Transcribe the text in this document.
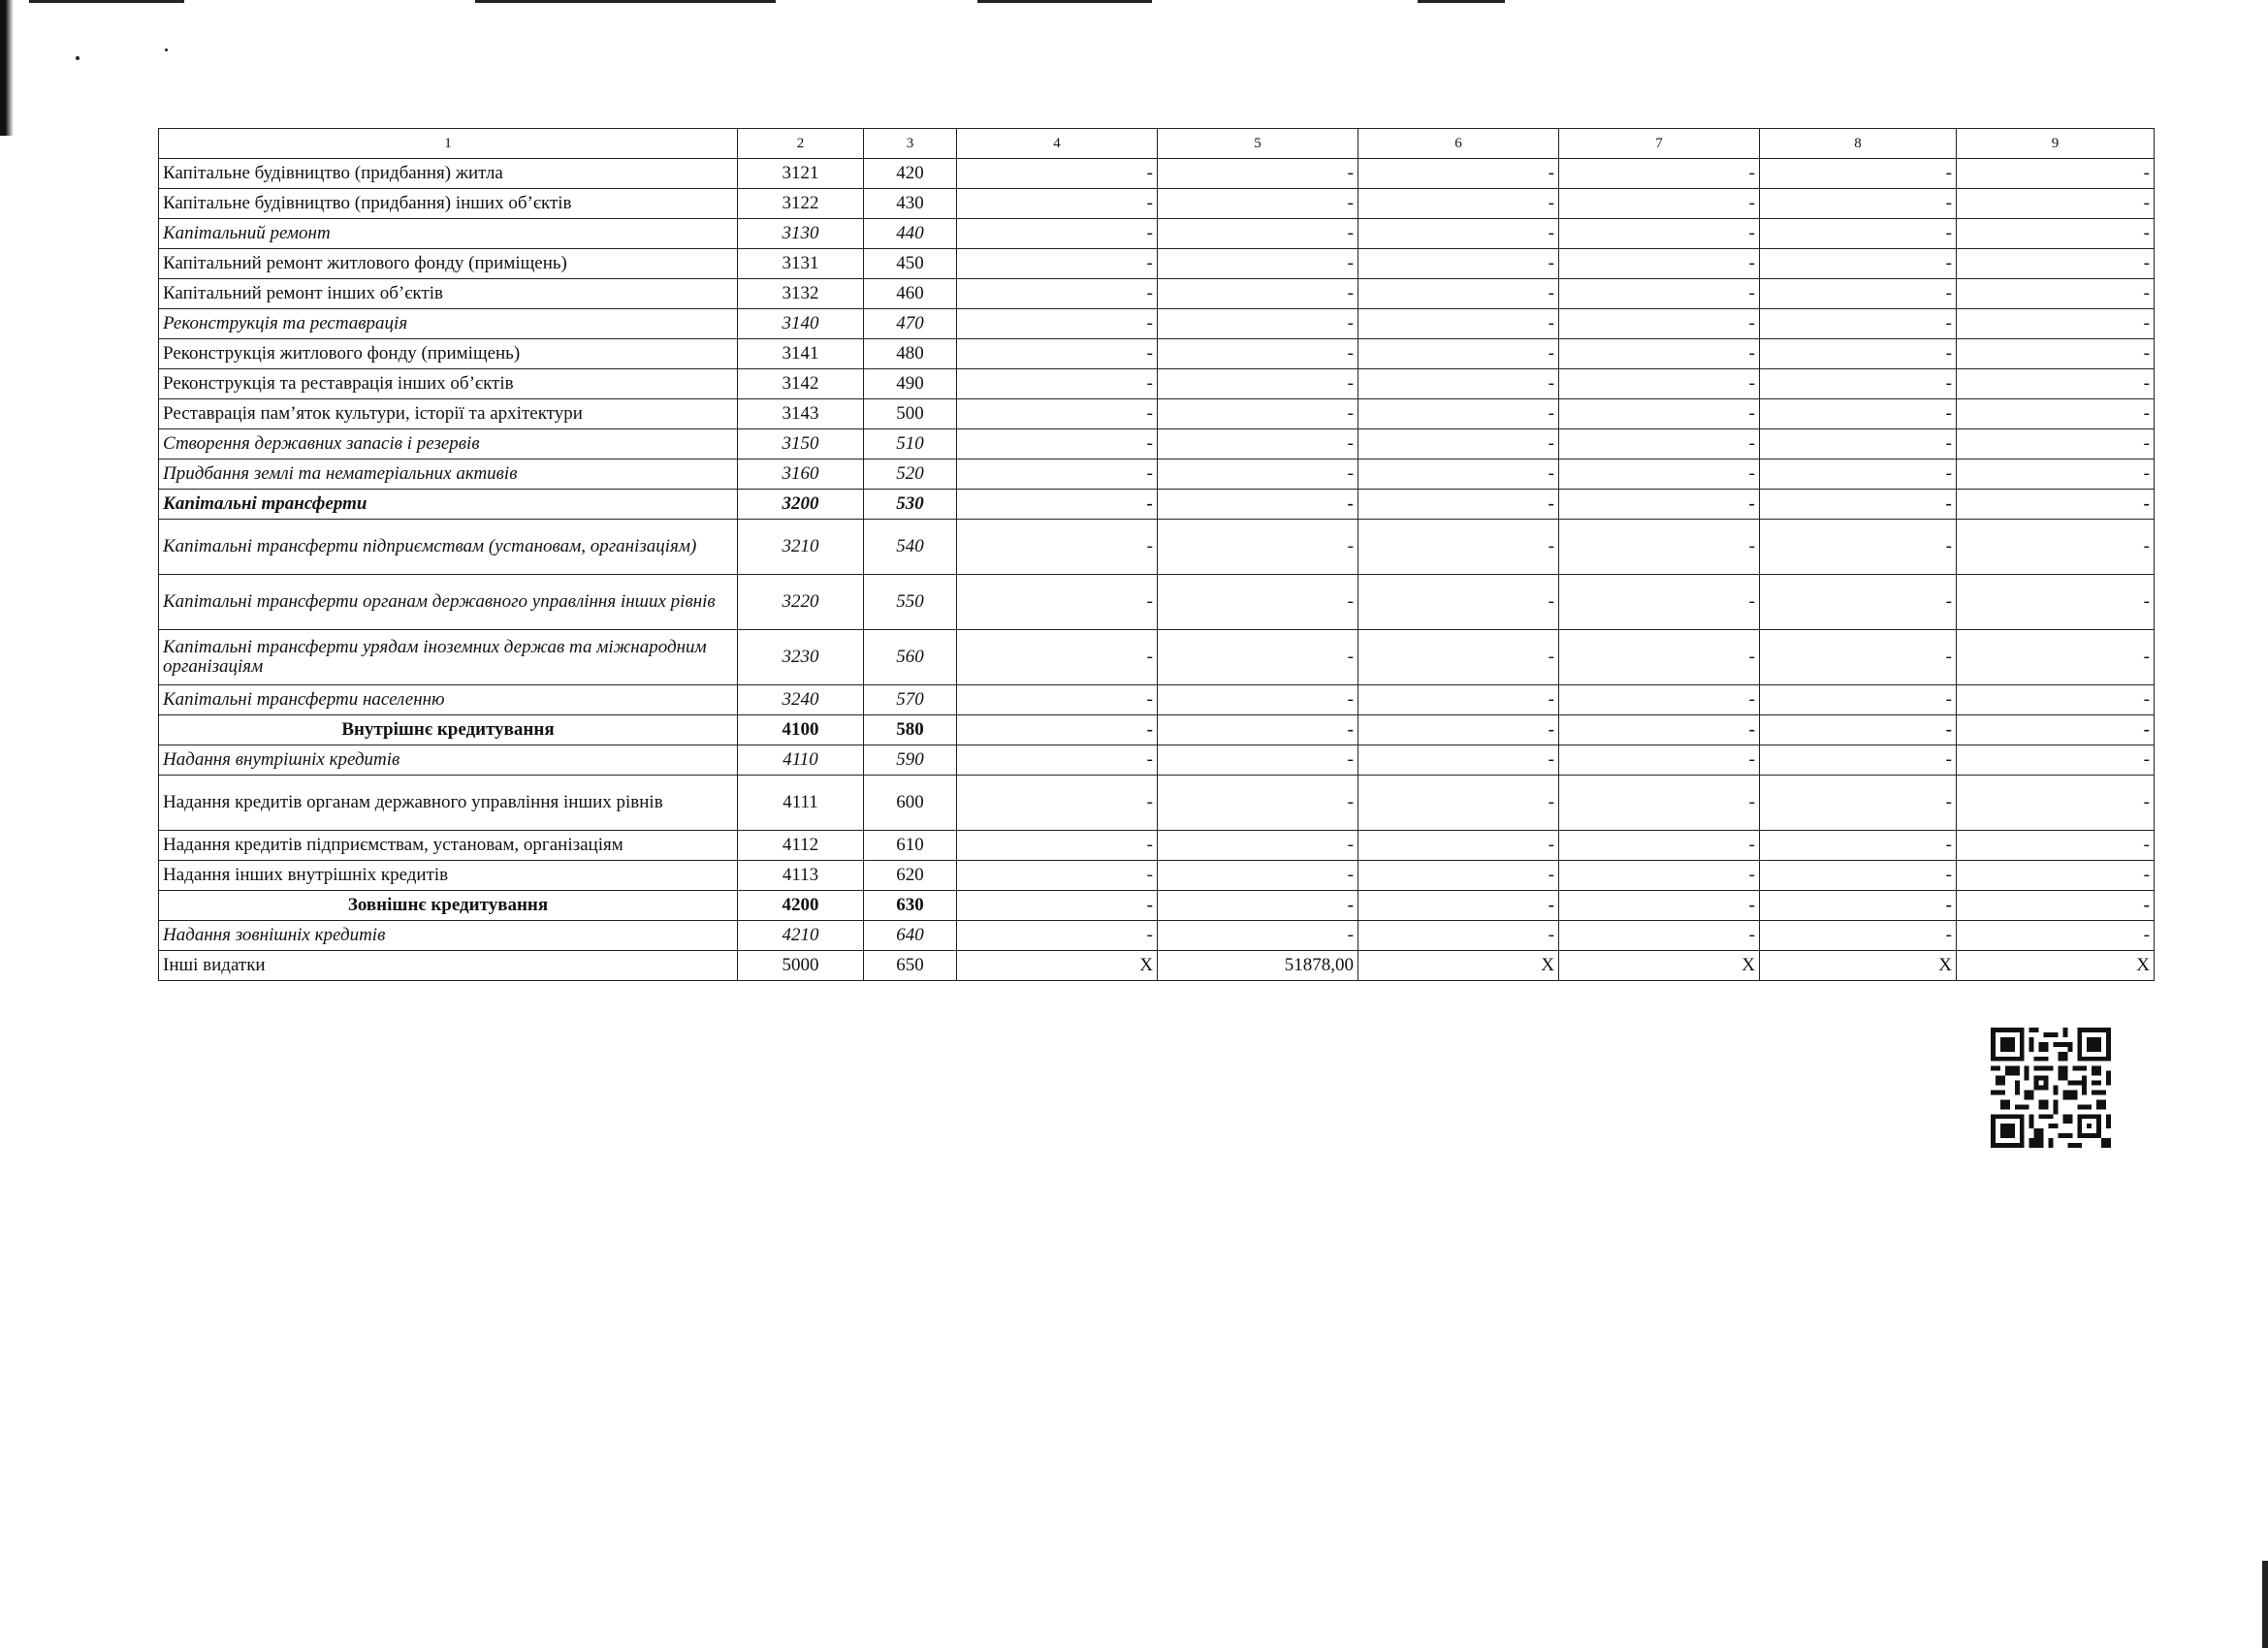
1	2	3	4	5	6	7	8	9
Капітальне будівництво (придбання) житла	3121	420	-	-	-	-	-	-
Капітальне будівництво (придбання) інших об’єктів	3122	430	-	-	-	-	-	-
Капітальний ремонт	3130	440	-	-	-	-	-	-
Капітальний ремонт житлового фонду (приміщень)	3131	450	-	-	-	-	-	-
Капітальний ремонт інших об’єктів	3132	460	-	-	-	-	-	-
Реконструкція та реставрація	3140	470	-	-	-	-	-	-
Реконструкція житлового фонду (приміщень)	3141	480	-	-	-	-	-	-
Реконструкція та реставрація інших об’єктів	3142	490	-	-	-	-	-	-
Реставрація пам’яток культури, історії та архітектури	3143	500	-	-	-	-	-	-
Створення державних запасів і резервів	3150	510	-	-	-	-	-	-
Придбання землі та нематеріальних активів	3160	520	-	-	-	-	-	-
Капітальні трансферти	3200	530	-	-	-	-	-	-
Капітальні трансферти підприємствам (установам, організаціям)	3210	540	-	-	-	-	-	-
Капітальні трансферти органам державного управління інших рівнів	3220	550	-	-	-	-	-	-
Капітальні трансферти урядам іноземних держав та міжнародним організаціям	3230	560	-	-	-	-	-	-
Капітальні трансферти населенню	3240	570	-	-	-	-	-	-
Внутрішнє кредитування	4100	580	-	-	-	-	-	-
Надання внутрішніх кредитів	4110	590	-	-	-	-	-	-
Надання кредитів органам державного управління інших рівнів	4111	600	-	-	-	-	-	-
Надання кредитів підприємствам, установам, організаціям	4112	610	-	-	-	-	-	-
Надання інших внутрішніх кредитів	4113	620	-	-	-	-	-	-
Зовнішнє кредитування	4200	630	-	-	-	-	-	-
Надання зовнішніх кредитів	4210	640	-	-	-	-	-	-
Інші видатки	5000	650	X	51878,00	X	X	X	X
